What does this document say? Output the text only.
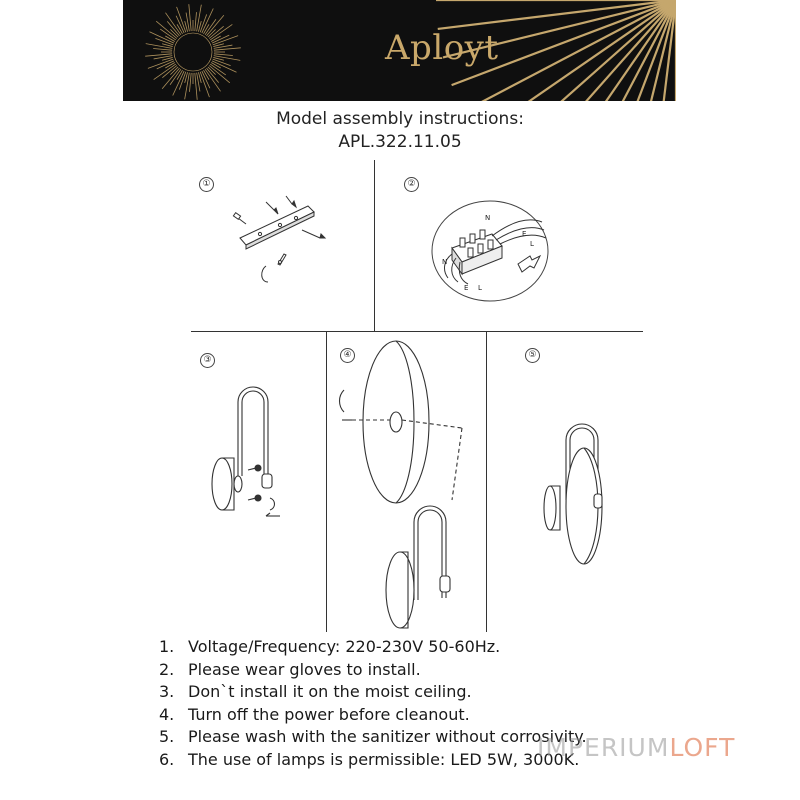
Aployt
Model assembly instructions:
APL.322.11.05
①	②
③	④	⑤
N
E
L
N
E L
1. Voltage/Frequency: 220-230V 50-60Hz.
2. Please wear gloves to install.
3. Don`t install it on the moist ceiling.
4. Turn off the power before cleanout.
5. Please wash with the sanitizer without corrosivity.
6. The use of lamps is permissible: LED 5W, 3000K.
IMPERIUMLOFT
